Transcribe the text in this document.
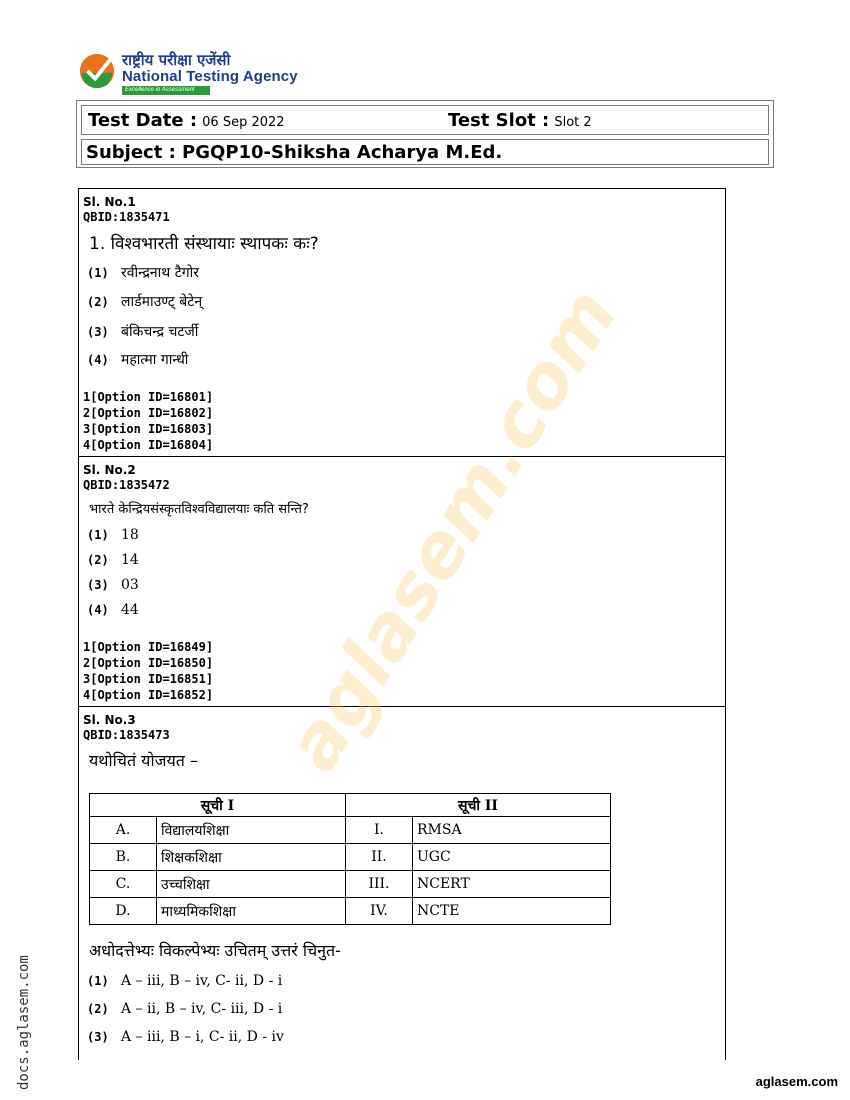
राष्ट्रीय परीक्षा एजेंसी
National Testing Agency
Excellence in Assessment
Test Date : 06 Sep 2022	Test Slot : Slot 2
Subject : PGQP10-Shiksha Acharya M.Ed.
Sl. No.1
QBID:1835471
1. विश्वभारती संस्थायाः स्थापकः कः?
(1) रवीन्द्रनाथ टैगोर
(2) लार्डमाउण्ट् बेटेन्
(3) बंकिचन्द्र चटर्जी
(4) महात्मा गान्धी
1[Option ID=16801]
2[Option ID=16802]
3[Option ID=16803]
4[Option ID=16804]
Sl. No.2
QBID:1835472
भारते केन्द्रियसंस्कृतविश्वविद्यालयाः कति सन्ति?
(1) 18
(2) 14
(3) 03
(4) 44
1[Option ID=16849]
2[Option ID=16850]
3[Option ID=16851]
4[Option ID=16852]
Sl. No.3
QBID:1835473
यथोचितं योजयत –
सूची I		सूची II	
A.	विद्यालयशिक्षा	I.	RMSA
B.	शिक्षकशिक्षा	II.	UGC
C.	उच्चशिक्षा	III.	NCERT
D.	माध्यमिकशिक्षा	IV.	NCTE
अधोदत्तेभ्यः विकल्पेभ्यः उचितम् उत्तरं चिनुत-
(1) A – iii, B – iv, C- ii, D - i
(2) A – ii, B – iv, C- iii, D - i
(3) A – iii, B – i, C- ii, D - iv
aglasem.com
docs.aglasem.com	aglasem.com
